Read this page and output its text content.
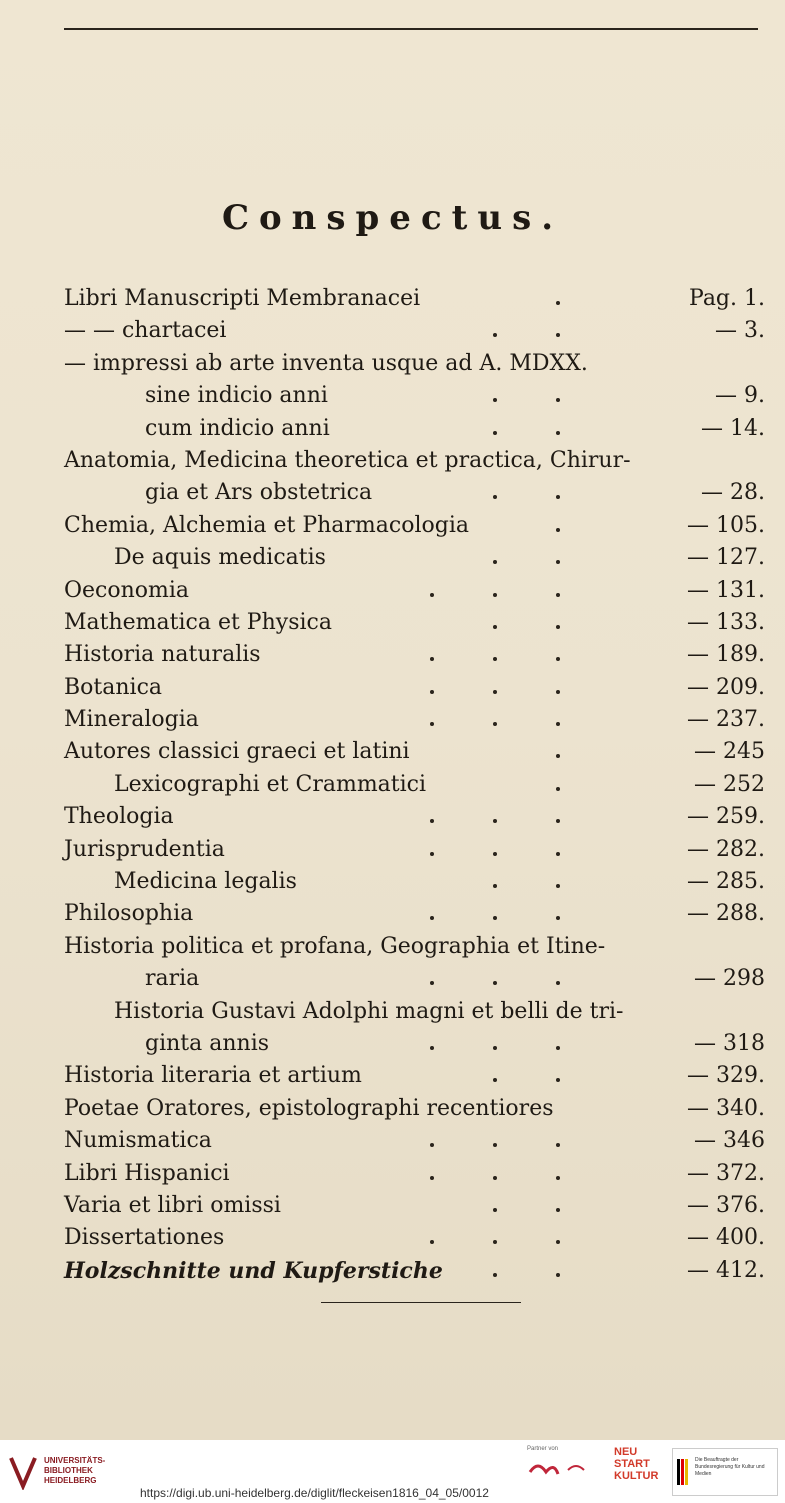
Conspectus.
Libri Manuscripti Membranacei	Pag. 1.
— — chartacei	— 3.
— impressi ab arte inventa usque ad A. MDXX.
sine indicio anni	— 9.
cum indicio anni	— 14.
Anatomia, Medicina theoretica et practica, Chirur-
gia et Ars obstetrica	— 28.
Chemia, Alchemia et Pharmacologia	— 105.
De aquis medicatis	— 127.
Oeconomia	— 131.
Mathematica et Physica	— 133.
Historia naturalis	— 189.
Botanica	— 209.
Mineralogia	— 237.
Autores classici graeci et latini	— 245
Lexicographi et Crammatici	— 252
Theologia	— 259.
Jurisprudentia	— 282.
Medicina legalis	— 285.
Philosophia	— 288.
Historia politica et profana, Geographia et Itine-
raria	— 298
Historia Gustavi Adolphi magni et belli de tri-
ginta annis	— 318
Historia literaria et artium	— 329.
Poetae Oratores, epistolographi recentiores	— 340.
Numismatica	— 346
Libri Hispanici	— 372.
Varia et libri omissi	— 376.
Dissertationes	— 400.
Holzschnitte und Kupferstiche	— 412.
UNIVERSITÄTS-
BIBLIOTHEK
HEIDELBERG
https://digi.ub.uni-heidelberg.de/diglit/fleckeisen1816_04_05/0012
Partner von	NEU
START
KULTUR
Die Beauftragte der Bundesregierung für Kultur und Medien
